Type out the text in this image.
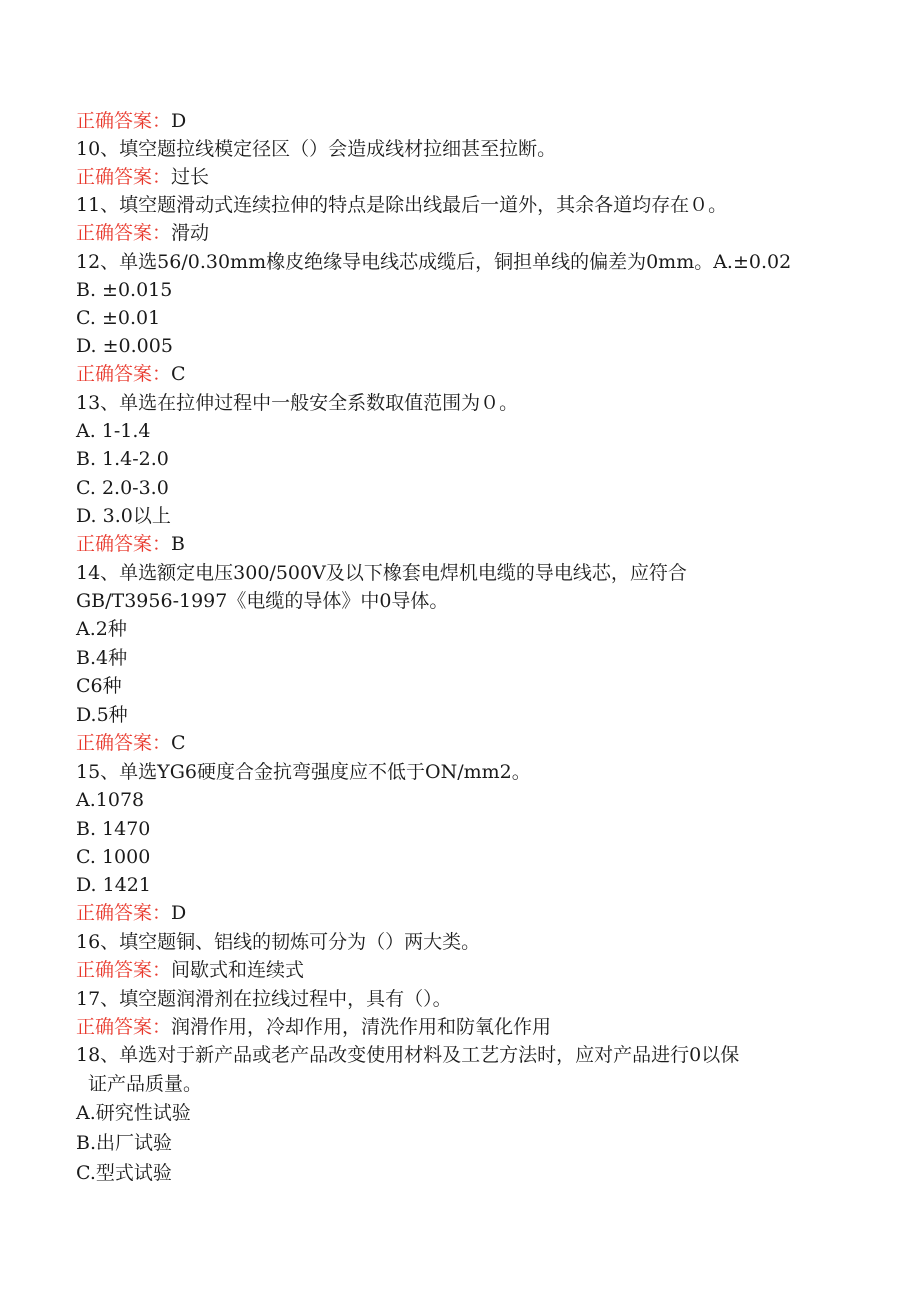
正确答案：D
10、填空题拉线模定径区（）会造成线材拉细甚至拉断。
正确答案：过长
11、填空题滑动式连续拉伸的特点是除出线最后一道外，其余各道均存在０。
正确答案：滑动
12、单选56/0.30mm橡皮绝缘导电线芯成缆后，铜担单线的偏差为0mm。A.±0.02
B. ±0.015
C. ±0.01
D. ±0.005
正确答案：C
13、单选在拉伸过程中一般安全系数取值范围为０。
A. 1-1.4
B. 1.4-2.0
C. 2.0-3.0
D. 3.0以上
正确答案：B
14、单选额定电压300/500V及以下橡套电焊机电缆的导电线芯，应符合
GB/T3956-1997《电缆的导体》中0导体。
A.2种
B.4种
C6种
D.5种
正确答案：C
15、单选YG6硬度合金抗弯强度应不低于ON/mm2。
A.1078
B. 1470
C. 1000
D. 1421
正确答案：D
16、填空题铜、铝线的韧炼可分为（）两大类。
正确答案：间歇式和连续式
17、填空题润滑剂在拉线过程中，具有（）。
正确答案：润滑作用，冷却作用，清洗作用和防氧化作用
18、单选对于新产品或老产品改变使用材料及工艺方法时，应对产品进行0以保
证产品质量。
A.研究性试验
B.出厂试验
C.型式试验
